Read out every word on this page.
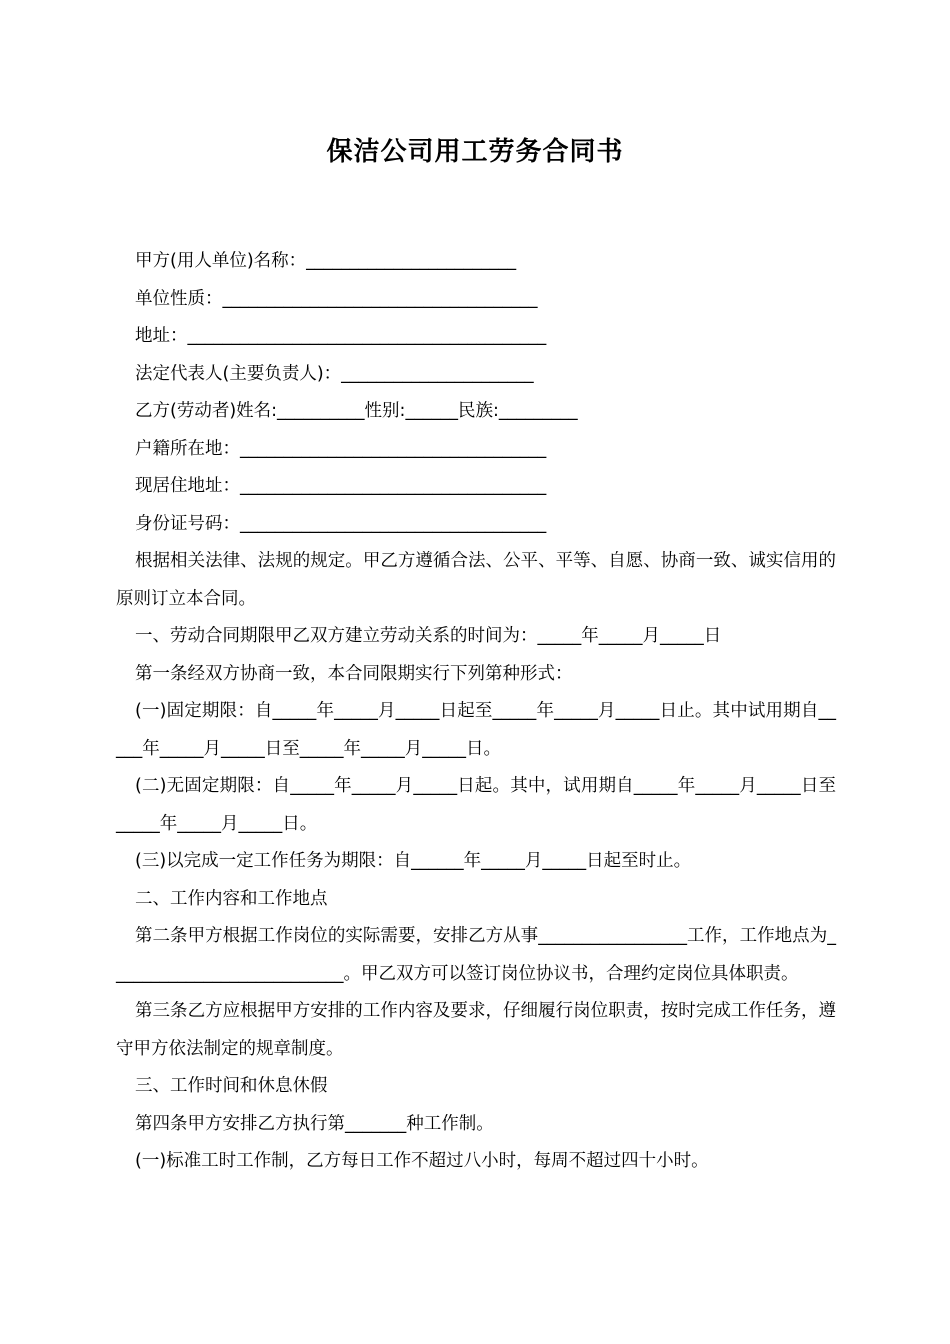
保洁公司用工劳务合同书

甲方(用人单位)名称：________________________

单位性质：____________________________________

地址：_________________________________________

法定代表人(主要负责人)：______________________

乙方(劳动者)姓名:__________性别:______民族:_________

户籍所在地：___________________________________

现居住地址：___________________________________

身份证号码：___________________________________

根据相关法律、法规的规定。甲乙方遵循合法、公平、平等、自愿、协商一致、诚实信用的原则订立本合同。

一、劳动合同期限甲乙双方建立劳动关系的时间为：_____年_____月_____日

第一条经双方协商一致，本合同限期实行下列第种形式：

(一)固定期限：自_____年_____月_____日起至_____年_____月_____日止。其中试用期自_____年_____月_____日至_____年_____月_____日。

(二)无固定期限：自_____年_____月_____日起。其中，试用期自_____年_____月_____日至_____年_____月_____日。

(三)以完成一定工作任务为期限：自______年_____月_____日起至时止。

二、工作内容和工作地点

第二条甲方根据工作岗位的实际需要，安排乙方从事_________________工作，工作地点为___________________________。甲乙双方可以签订岗位协议书，合理约定岗位具体职责。

第三条乙方应根据甲方安排的工作内容及要求，仔细履行岗位职责，按时完成工作任务，遵守甲方依法制定的规章制度。

三、工作时间和休息休假

第四条甲方安排乙方执行第_______种工作制。

(一)标准工时工作制，乙方每日工作不超过八小时，每周不超过四十小时。
